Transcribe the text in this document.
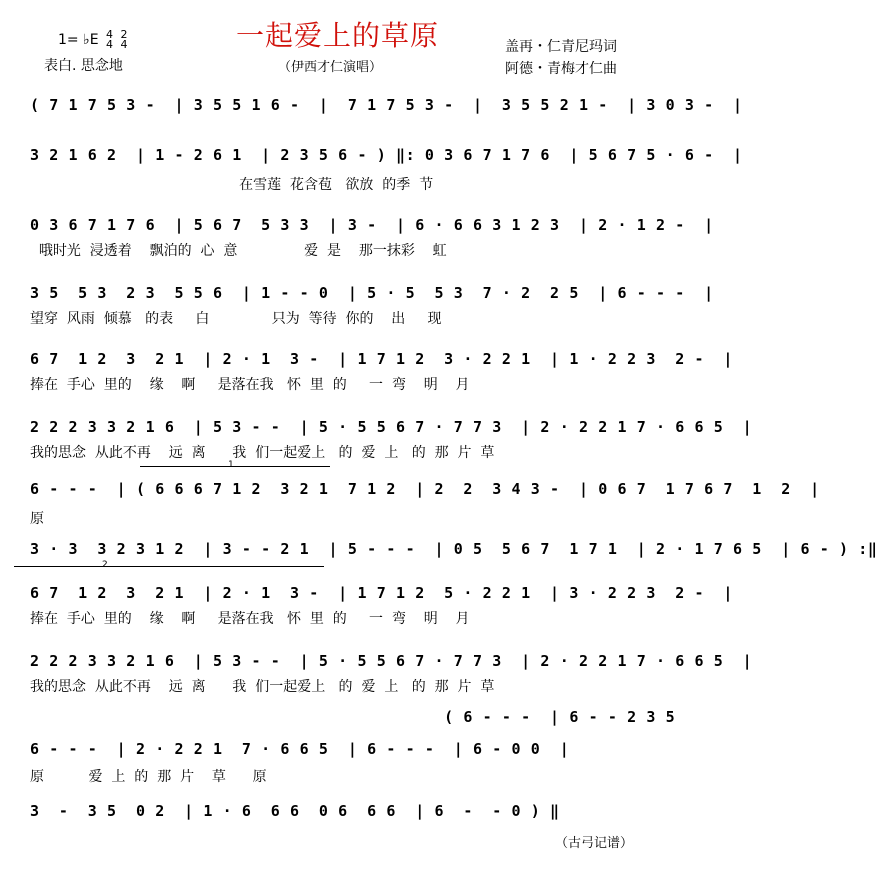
一起爱上的草原
1= ♭E 4
4 2
4
表白. 思念地	（伊西才仁演唱）
盖再・仁青尼玛词
阿德・青梅才仁曲
( 7 1 7 5 3 -  | 3 5 5 1 6 -  |  7 1 7 5 3 -  |  3 5 5 2 1 -  | 3 0 3 -  |
3 2 1 6 2  | 1 - 2 6 1  | 2 3 5 6 - ) ‖: 0 3 6 7 1 7 6  | 5 6 7 5 · 6 -  |
在雪莲  花含苞   欲放  的季  节
0 3 6 7 1 7 6  | 5 6 7  5 3 3  | 3 -  | 6 · 6 6 3 1 2 3  | 2 · 1 2 -  |
哦时光  浸透着    飘泊的  心  意               爱  是    那一抹彩    虹
3 5  5 3  2 3  5 5 6  | 1 - - 0  | 5 · 5  5 3  7 · 2  2 5  | 6 - - -  |
望穿  风雨  倾慕   的表     白              只为  等待  你的    出     现
6 7  1 2  3  2 1  | 2 · 1  3 -  | 1 7 1 2  3 · 2 2 1  | 1 · 2 2 3  2 -  |
捧在  手心  里的    缘    啊     是落在我   怀  里  的     一  弯    明    月
2 2 2 3 3 2 1 6  | 5 3 - -  | 5 · 5 5 6 7 · 7 7 3  | 2 · 2 2 1 7 · 6 6 5  |
我的思念  从此不再    远  离      我  们一起爱上   的  爱  上   的  那  片  草
1
6 - - -  | ( 6 6 6 7 1 2  3 2 1  7 1 2  | 2  2  3 4 3 -  | 0 6 7  1 7 6 7  1  2  |
原
3 · 3  3 2 3 1 2  | 3 - - 2 1  | 5 - - -  | 0 5  5 6 7  1 7 1  | 2 · 1 7 6 5  | 6 - ) :‖
2
6 7  1 2  3  2 1  | 2 · 1  3 -  | 1 7 1 2  5 · 2 2 1  | 3 · 2 2 3  2 -  |
捧在  手心  里的    缘    啊     是落在我   怀  里  的     一  弯    明    月
2 2 2 3 3 2 1 6  | 5 3 - -  | 5 · 5 5 6 7 · 7 7 3  | 2 · 2 2 1 7 · 6 6 5  |
我的思念  从此不再    远  离      我  们一起爱上   的  爱  上   的  那  片  草
( 6 - - -  | 6 - - 2 3 5
6 - - -  | 2 · 2 2 1  7 · 6 6 5  | 6 - - -  | 6 - 0 0  |
原          爱  上  的  那  片    草      原
3  -  3 5  0 2  | 1 · 6  6 6  0 6  6 6  | 6  -  - 0 ) ‖
（古弓记谱）
